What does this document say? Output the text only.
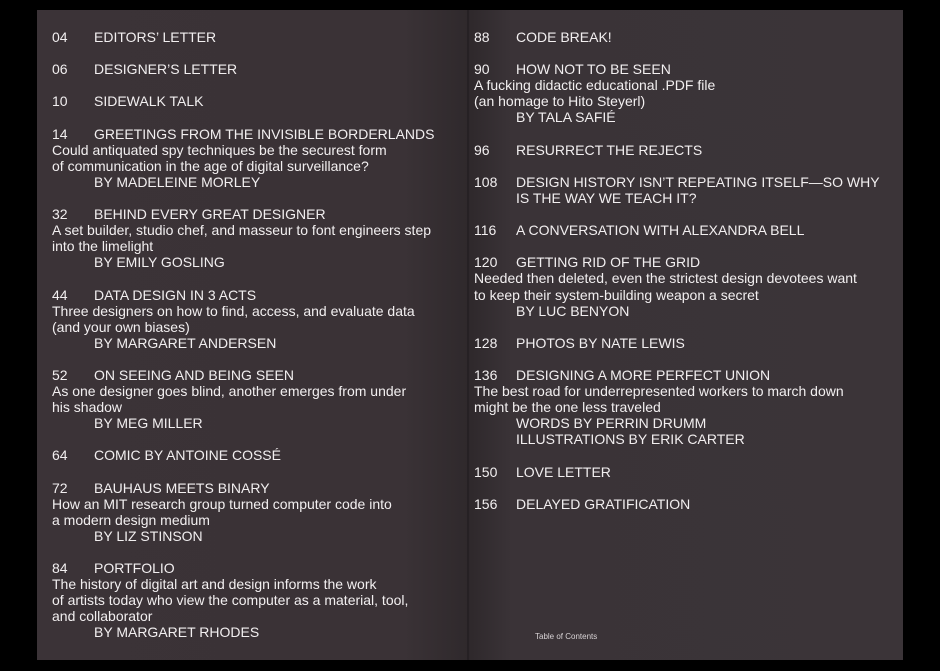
04	EDITORS’ LETTER
06	DESIGNER’S LETTER
10	SIDEWALK TALK
14	GREETINGS FROM THE INVISIBLE BORDERLANDS
Could antiquated spy techniques be the securest form
of communication in the age of digital surveillance?
BY MADELEINE MORLEY
32	BEHIND EVERY GREAT DESIGNER
A set builder, studio chef, and masseur to font engineers step
into the limelight
BY EMILY GOSLING
44	DATA DESIGN IN 3 ACTS
Three designers on how to find, access, and evaluate data
(and your own biases)
BY MARGARET ANDERSEN
52	ON SEEING AND BEING SEEN
As one designer goes blind, another emerges from under
his shadow
BY MEG MILLER
64	COMIC BY ANTOINE COSSÉ
72	BAUHAUS MEETS BINARY
How an MIT research group turned computer code into
a modern design medium
BY LIZ STINSON
84	PORTFOLIO
The history of digital art and design informs the work
of artists today who view the computer as a material, tool,
and collaborator
BY MARGARET RHODES
88	CODE BREAK!
90	HOW NOT TO BE SEEN
A fucking didactic educational .PDF file
(an homage to Hito Steyerl)
BY TALA SAFIÉ
96	RESURRECT THE REJECTS
108	DESIGN HISTORY ISN’T REPEATING ITSELF—SO WHY IS THE WAY WE TEACH IT?
116	A CONVERSATION WITH ALEXANDRA BELL
120	GETTING RID OF THE GRID
Needed then deleted, even the strictest design devotees want
to keep their system-building weapon a secret
BY LUC BENYON
128	PHOTOS BY NATE LEWIS
136	DESIGNING A MORE PERFECT UNION
The best road for underrepresented workers to march down
might be the one less traveled
WORDS BY PERRIN DRUMM
ILLUSTRATIONS BY ERIK CARTER
150	LOVE LETTER
156	DELAYED GRATIFICATION
Table of Contents
